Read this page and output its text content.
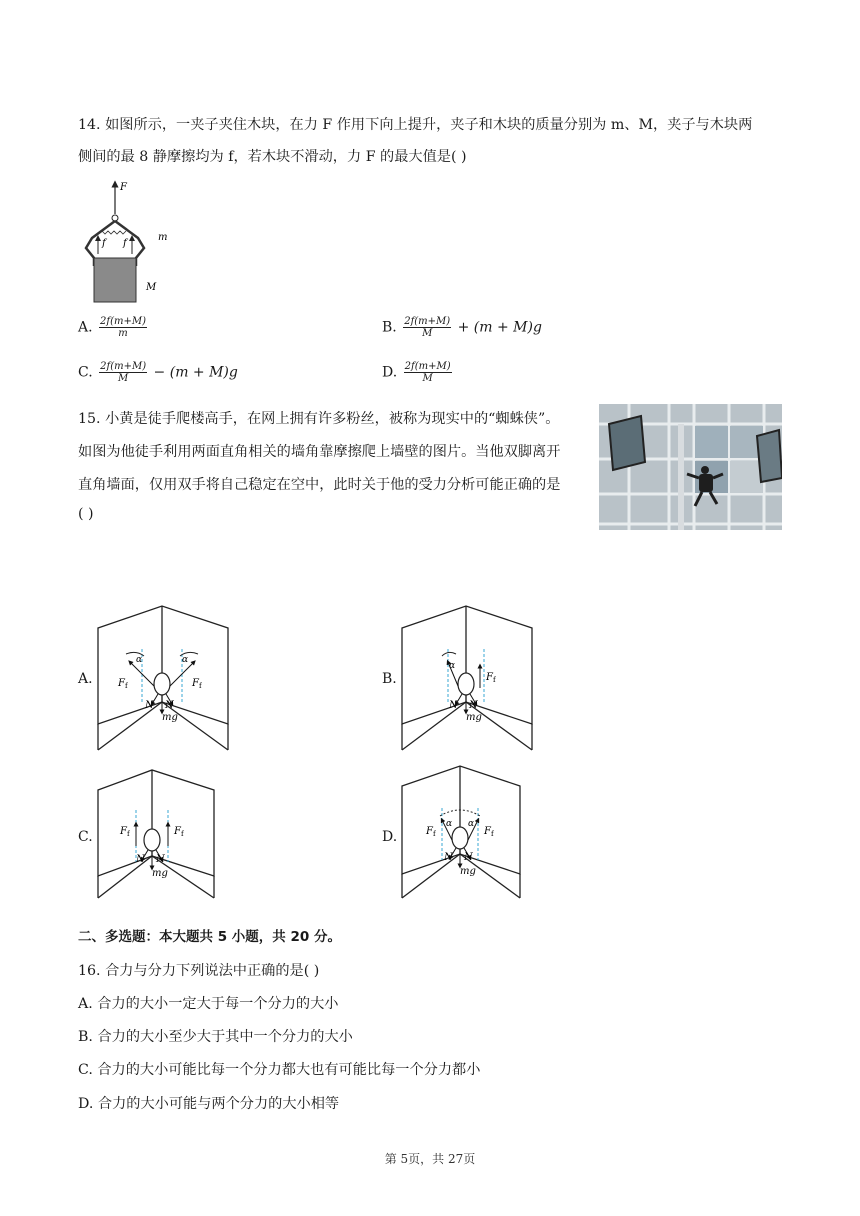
14. 如图所示，一夹子夹住木块，在力 F 作用下向上提升，夹子和木块的质量分别为 m、M，夹子与木块两
侧间的最 8 静摩擦均为 f，若木块不滑动，力 F 的最大值是( )
F
f f
m
M
A. $\frac{2f(m+M)}{m}$	B. $\frac{2f(m+M)}{M} + (m + M)g$
C. $\frac{2f(m+M)}{M} - (m + M)g$	D. $\frac{2f(m+M)}{M}$
15. 小黄是徒手爬楼高手，在网上拥有许多粉丝，被称为现实中的“蜘蛛侠”。
如图为他徒手利用两面直角相关的墙角靠摩擦爬上墙壁的图片。当他双脚离开
直角墙面，仅用双手将自己稳定在空中，此时关于他的受力分析可能正确的是
( )
A.	B.
C.	D.
α	α
F f	F f
N N
mg
α
F f
N N
mg
F f	F f
N N
mg
α α
F f	F f
N N
mg
二、多选题：本大题共 5 小题，共 20 分。
16. 合力与分力下列说法中正确的是( )
A. 合力的大小一定大于每一个分力的大小
B. 合力的大小至少大于其中一个分力的大小
C. 合力的大小可能比每一个分力都大也有可能比每一个分力都小
D. 合力的大小可能与两个分力的大小相等
第 5页，共 27页
